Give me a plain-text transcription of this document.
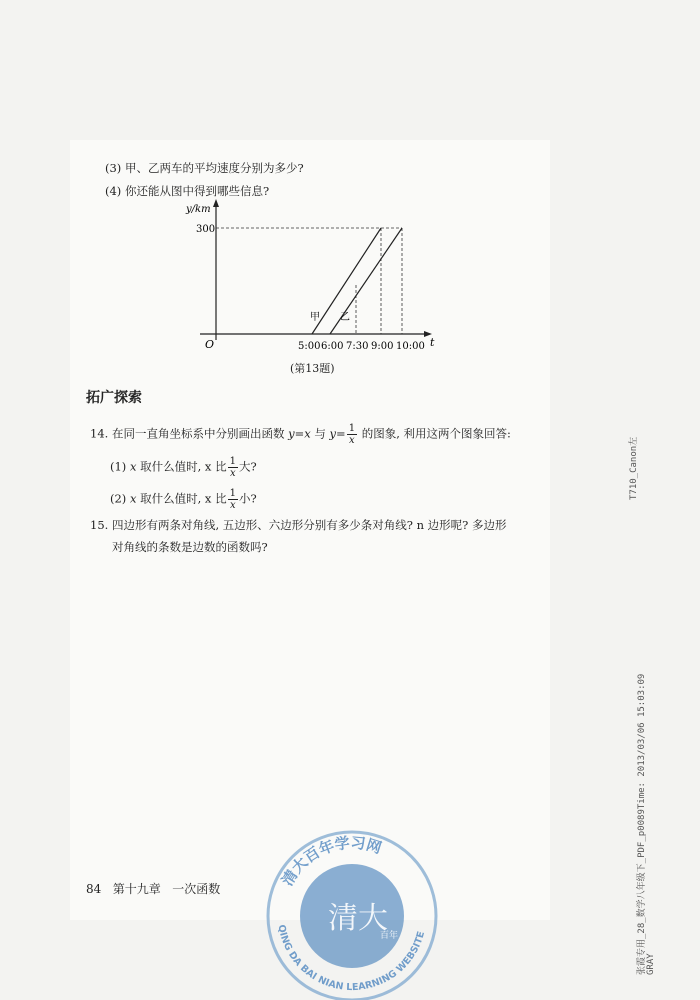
(3) 甲、乙两车的平均速度分别为多少?
(4) 你还能从图中得到哪些信息?
y/km
300
O	t
5:00 6:00 7:30 9:00 10:00
甲 乙
(第13题)
拓广探索
14. 在同一直角坐标系中分别画出函数 y=x 与 $y= \frac{1}{x}$ 的图象, 利用这两个图象回答:
(1) x 取什么值时, x 比 $\frac{1}{x}$ 大?
(2) x 取什么值时, x 比 $\frac{1}{x}$ 小?
15. 四边形有两条对角线, 五边形、六边形分别有多少条对角线? n 边形呢? 多边形
对角线的条数是边数的函数吗?
84 第十九章 一次函数
T710_Canon左
张霞专用_28_数学八年级下_PDF_p0089Time: 2013/03/06 15:03:09 GRAY
清大百年学习网
QING DA BAI NIAN LEARNING WEBSITE
清大
百年
